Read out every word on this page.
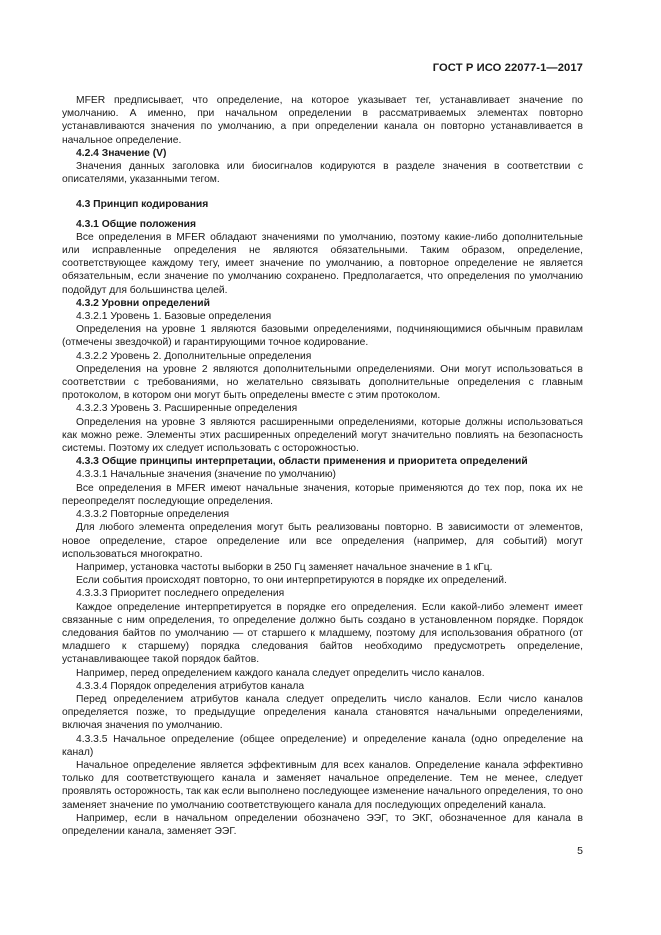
ГОСТ Р ИСО 22077-1—2017

MFER предписывает, что определение, на которое указывает тег, устанавливает значение по умолчанию. А именно, при начальном определении в рассматриваемых элементах повторно устанавливаются значения по умолчанию, а при определении канала он повторно устанавливается в начальное определение.

4.2.4 Значение (V)

Значения данных заголовка или биосигналов кодируются в разделе значения в соответствии с описателями, указанными тегом.

4.3 Принцип кодирования

4.3.1 Общие положения

Все определения в MFER обладают значениями по умолчанию, поэтому какие-либо дополнительные или исправленные определения не являются обязательными. Таким образом, определение, соответствующее каждому тегу, имеет значение по умолчанию, а повторное определение не является обязательным, если значение по умолчанию сохранено. Предполагается, что определения по умолчанию подойдут для большинства целей.

4.3.2 Уровни определений

4.3.2.1 Уровень 1. Базовые определения

Определения на уровне 1 являются базовыми определениями, подчиняющимися обычным правилам (отмечены звездочкой) и гарантирующими точное кодирование.

4.3.2.2 Уровень 2. Дополнительные определения

Определения на уровне 2 являются дополнительными определениями. Они могут использоваться в соответствии с требованиями, но желательно связывать дополнительные определения с главным протоколом, в котором они могут быть определены вместе с этим протоколом.

4.3.2.3 Уровень 3. Расширенные определения

Определения на уровне 3 являются расширенными определениями, которые должны использоваться как можно реже. Элементы этих расширенных определений могут значительно повлиять на безопасность системы. Поэтому их следует использовать с осторожностью.

4.3.3 Общие принципы интерпретации, области применения и приоритета определений

4.3.3.1 Начальные значения (значение по умолчанию)

Все определения в MFER имеют начальные значения, которые применяются до тех пор, пока их не переопределят последующие определения.

4.3.3.2 Повторные определения

Для любого элемента определения могут быть реализованы повторно. В зависимости от элементов, новое определение, старое определение или все определения (например, для событий) могут использоваться многократно.

Например, установка частоты выборки в 250 Гц заменяет начальное значение в 1 кГц.

Если события происходят повторно, то они интерпретируются в порядке их определений.

4.3.3.3 Приоритет последнего определения

Каждое определение интерпретируется в порядке его определения. Если какой-либо элемент имеет связанные с ним определения, то определение должно быть создано в установленном порядке. Порядок следования байтов по умолчанию — от старшего к младшему, поэтому для использования обратного (от младшего к старшему) порядка следования байтов необходимо предусмотреть определение, устанавливающее такой порядок байтов.

Например, перед определением каждого канала следует определить число каналов.

4.3.3.4 Порядок определения атрибутов канала

Перед определением атрибутов канала следует определить число каналов. Если число каналов определяется позже, то предыдущие определения канала становятся начальными определениями, включая значения по умолчанию.

4.3.3.5 Начальное определение (общее определение) и определение канала (одно определение на канал)

Начальное определение является эффективным для всех каналов. Определение канала эффективно только для соответствующего канала и заменяет начальное определение. Тем не менее, следует проявлять осторожность, так как если выполнено последующее изменение начального определения, то оно заменяет значение по умолчанию соответствующего канала для последующих определений канала.

Например, если в начальном определении обозначено ЭЭГ, то ЭКГ, обозначенное для канала в определении канала, заменяет ЭЭГ.

5
